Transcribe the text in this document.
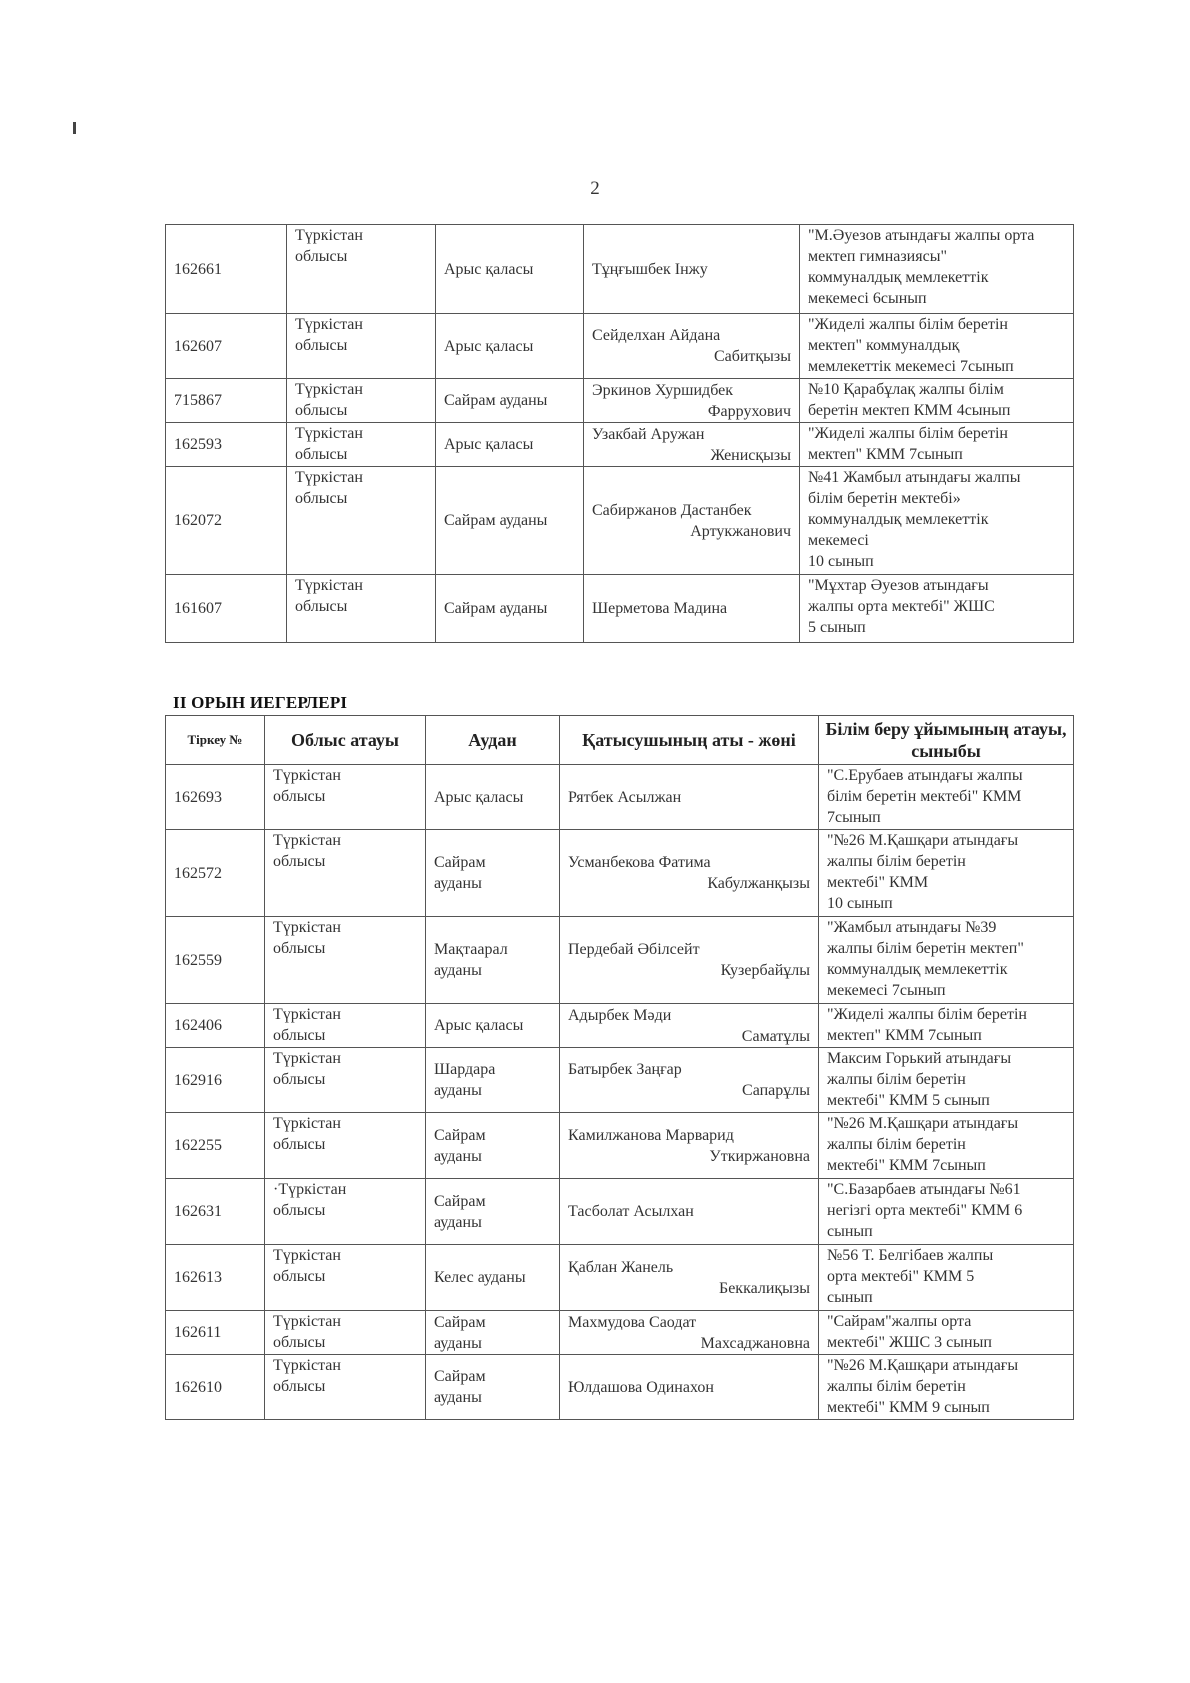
2
162661	Түркістан
облысы	Арыс қаласы	Тұңғышбек Інжу	"М.Әуезов атындағы жалпы орта
мектеп гимназиясы"
коммуналдық мемлекеттік
мекемесі 6сынып

162607	Түркістан
облысы	Арыс қаласы	Сейделхан Айдана
Сабитқызы	"Жиделі жалпы білім беретін
мектеп" коммуналдық
мемлекеттік мекемесі 7сынып

715867	Түркістан
облысы	Сайрам ауданы	Эркинов Хуршидбек
Фаррухович	№10 Қарабұлақ жалпы білім
беретін мектеп КММ 4сынып

162593	Түркістан
облысы	Арыс қаласы	Узакбай Аружан
Женисқызы	"Жиделі жалпы білім беретін
мектеп" КММ 7сынып

162072	Түркістан
облысы	Сайрам ауданы	Сабиржанов Дастанбек
Артукжанович	№41 Жамбыл атындағы жалпы
білім беретін мектебі»
коммуналдық мемлекеттік
мекемесі
10 сынып

161607	Түркістан
облысы	Сайрам ауданы	Шерметова Мадина	"Мұхтар Әуезов атындағы
жалпы орта мектебі" ЖШС
5 сынып
II ОРЫН ИЕГЕРЛЕРІ
Тіркеу №	Облыс атауы	Аудан	Қатысушының аты - жөні	Білім беру ұйымының атауы, сыныбы
162693	Түркістан
облысы	Арыс қаласы	Рятбек Асылжан	"С.Ерубаев атындағы жалпы
білім беретін мектебі" КММ
7сынып

162572	Түркістан
облысы	Сайрам
ауданы	Усманбекова Фатима
Кабулжанқызы	"№26 М.Қашқари атындағы
жалпы білім беретін
мектебі" КММ
10 сынып

162559	Түркістан
облысы	Мақтаарал
ауданы	Пердебай Әбілсейт
Кузербайұлы	"Жамбыл атындағы №39
жалпы білім беретін мектеп"
коммуналдық мемлекеттік
мекемесі 7сынып

162406	Түркістан
облысы	Арыс қаласы	Адырбек Мәди
Саматұлы	"Жиделі жалпы білім беретін
мектеп" КММ 7сынып

162916	Түркістан
облысы	Шардара
ауданы	Батырбек Заңғар
Сапарұлы	Максим Горький атындағы
жалпы білім беретін
мектебі" КММ 5 сынып

162255	Түркістан
облысы	Сайрам
ауданы	Камилжанова Марварид
Уткиржановна	"№26 М.Қашқари атындағы
жалпы білім беретін
мектебі" КММ 7сынып

162631	·Түркістан
облысы	Сайрам
ауданы	Тасболат Асылхан	"С.Базарбаев атындағы №61
негізгі орта мектебі" КММ 6
сынып

162613	Түркістан
облысы	Келес ауданы	Қаблан Жанель
Беккалиқызы	№56 Т. Белгібаев жалпы
орта мектебі" КММ 5
сынып

162611	Түркістан
облысы	Сайрам
ауданы	Махмудова Саодат
Махсаджановна	"Сайрам"жалпы орта
мектебі" ЖШС 3 сынып

162610	Түркістан
облысы	Сайрам
ауданы	Юлдашова Одинахон	"№26 М.Қашқари атындағы
жалпы білім беретін
мектебі" КММ 9 сынып
